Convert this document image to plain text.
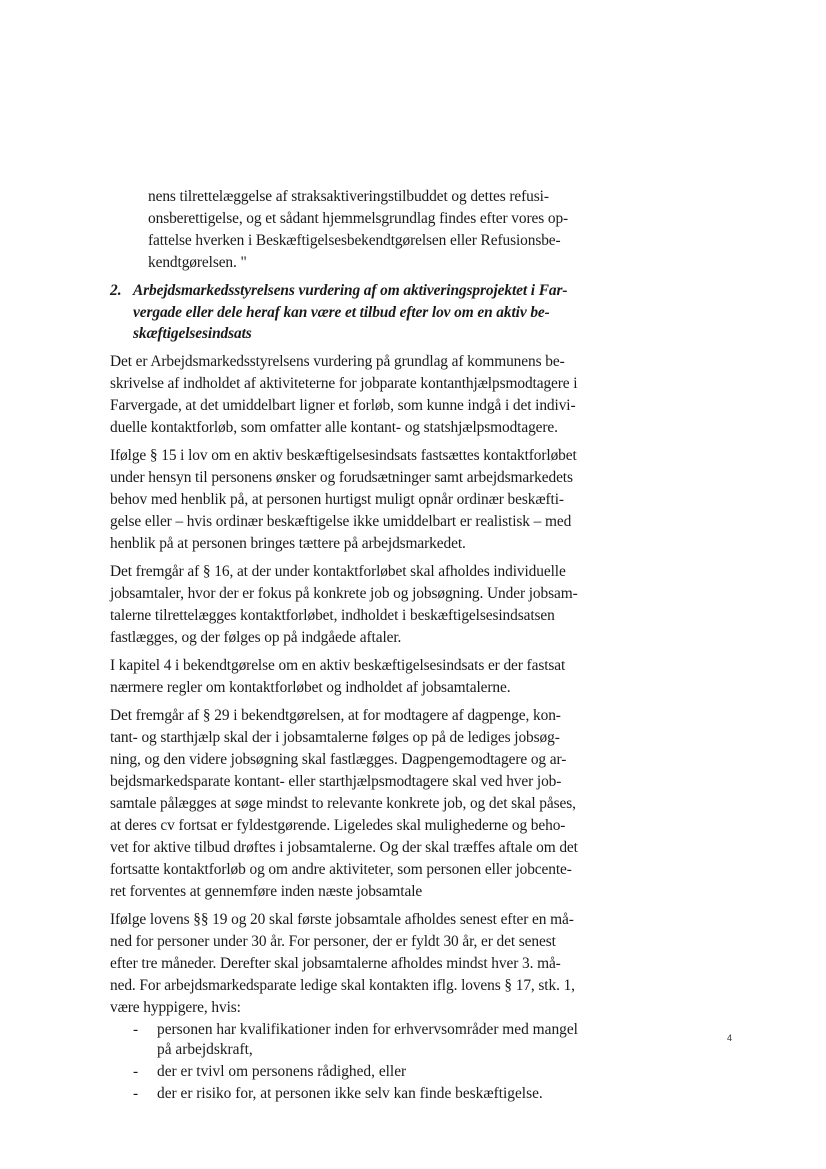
nens tilrettelæggelse af straksaktiveringstilbuddet og dettes refusi-
onsberettigelse, og et sådant hjemmelsgrundlag findes efter vores op-
fattelse hverken i Beskæftigelsesbekendtgørelsen eller Refusionsbe-
kendtgørelsen. "
2. Arbejdsmarkedsstyrelsens vurdering af om aktiveringsprojektet i Far-
vergade eller dele heraf kan være et tilbud efter lov om en aktiv be-
skæftigelsesindsats
Det er Arbejdsmarkedsstyrelsens vurdering på grundlag af kommunens be-
skrivelse af indholdet af aktiviteterne for jobparate kontanthjælpsmodtagere i
Farvergade, at det umiddelbart ligner et forløb, som kunne indgå i det indivi-
duelle kontaktforløb, som omfatter alle kontant- og statshjælpsmodtagere.
Ifølge § 15 i lov om en aktiv beskæftigelsesindsats fastsættes kontaktforløbet
under hensyn til personens ønsker og forudsætninger samt arbejdsmarkedets
behov med henblik på, at personen hurtigst muligt opnår ordinær beskæfti-
gelse eller – hvis ordinær beskæftigelse ikke umiddelbart er realistisk – med
henblik på at personen bringes tættere på arbejdsmarkedet.
Det fremgår af § 16, at der under kontaktforløbet skal afholdes individuelle
jobsamtaler, hvor der er fokus på konkrete job og jobsøgning. Under jobsam-
talerne tilrettelægges kontaktforløbet, indholdet i beskæftigelsesindsatsen
fastlægges, og der følges op på indgåede aftaler.
I kapitel 4 i bekendtgørelse om en aktiv beskæftigelsesindsats er der fastsat
nærmere regler om kontaktforløbet og indholdet af jobsamtalerne.
Det fremgår af § 29 i bekendtgørelsen, at for modtagere af dagpenge, kon-
tant- og starthjælp skal der i jobsamtalerne følges op på de lediges jobsøg-
ning, og den videre jobsøgning skal fastlægges. Dagpengemodtagere og ar-
bejdsmarkedsparate kontant- eller starthjælpsmodtagere skal ved hver job-
samtale pålægges at søge mindst to relevante konkrete job, og det skal påses,
at deres cv fortsat er fyldestgørende. Ligeledes skal mulighederne og beho-
vet for aktive tilbud drøftes i jobsamtalerne. Og der skal træffes aftale om det
fortsatte kontaktforløb og om andre aktiviteter, som personen eller jobcente-
ret forventes at gennemføre inden næste jobsamtale
Ifølge lovens §§ 19 og 20 skal første jobsamtale afholdes senest efter en må-
ned for personer under 30 år. For personer, der er fyldt 30 år, er det senest
efter tre måneder. Derefter skal jobsamtalerne afholdes mindst hver 3. må-
ned. For arbejdsmarkedsparate ledige skal kontakten iflg. lovens § 17, stk. 1,
være hyppigere, hvis:
- personen har kvalifikationer inden for erhvervsområder med mangel
på arbejdskraft,
- der er tvivl om personens rådighed, eller
- der er risiko for, at personen ikke selv kan finde beskæftigelse.
4
